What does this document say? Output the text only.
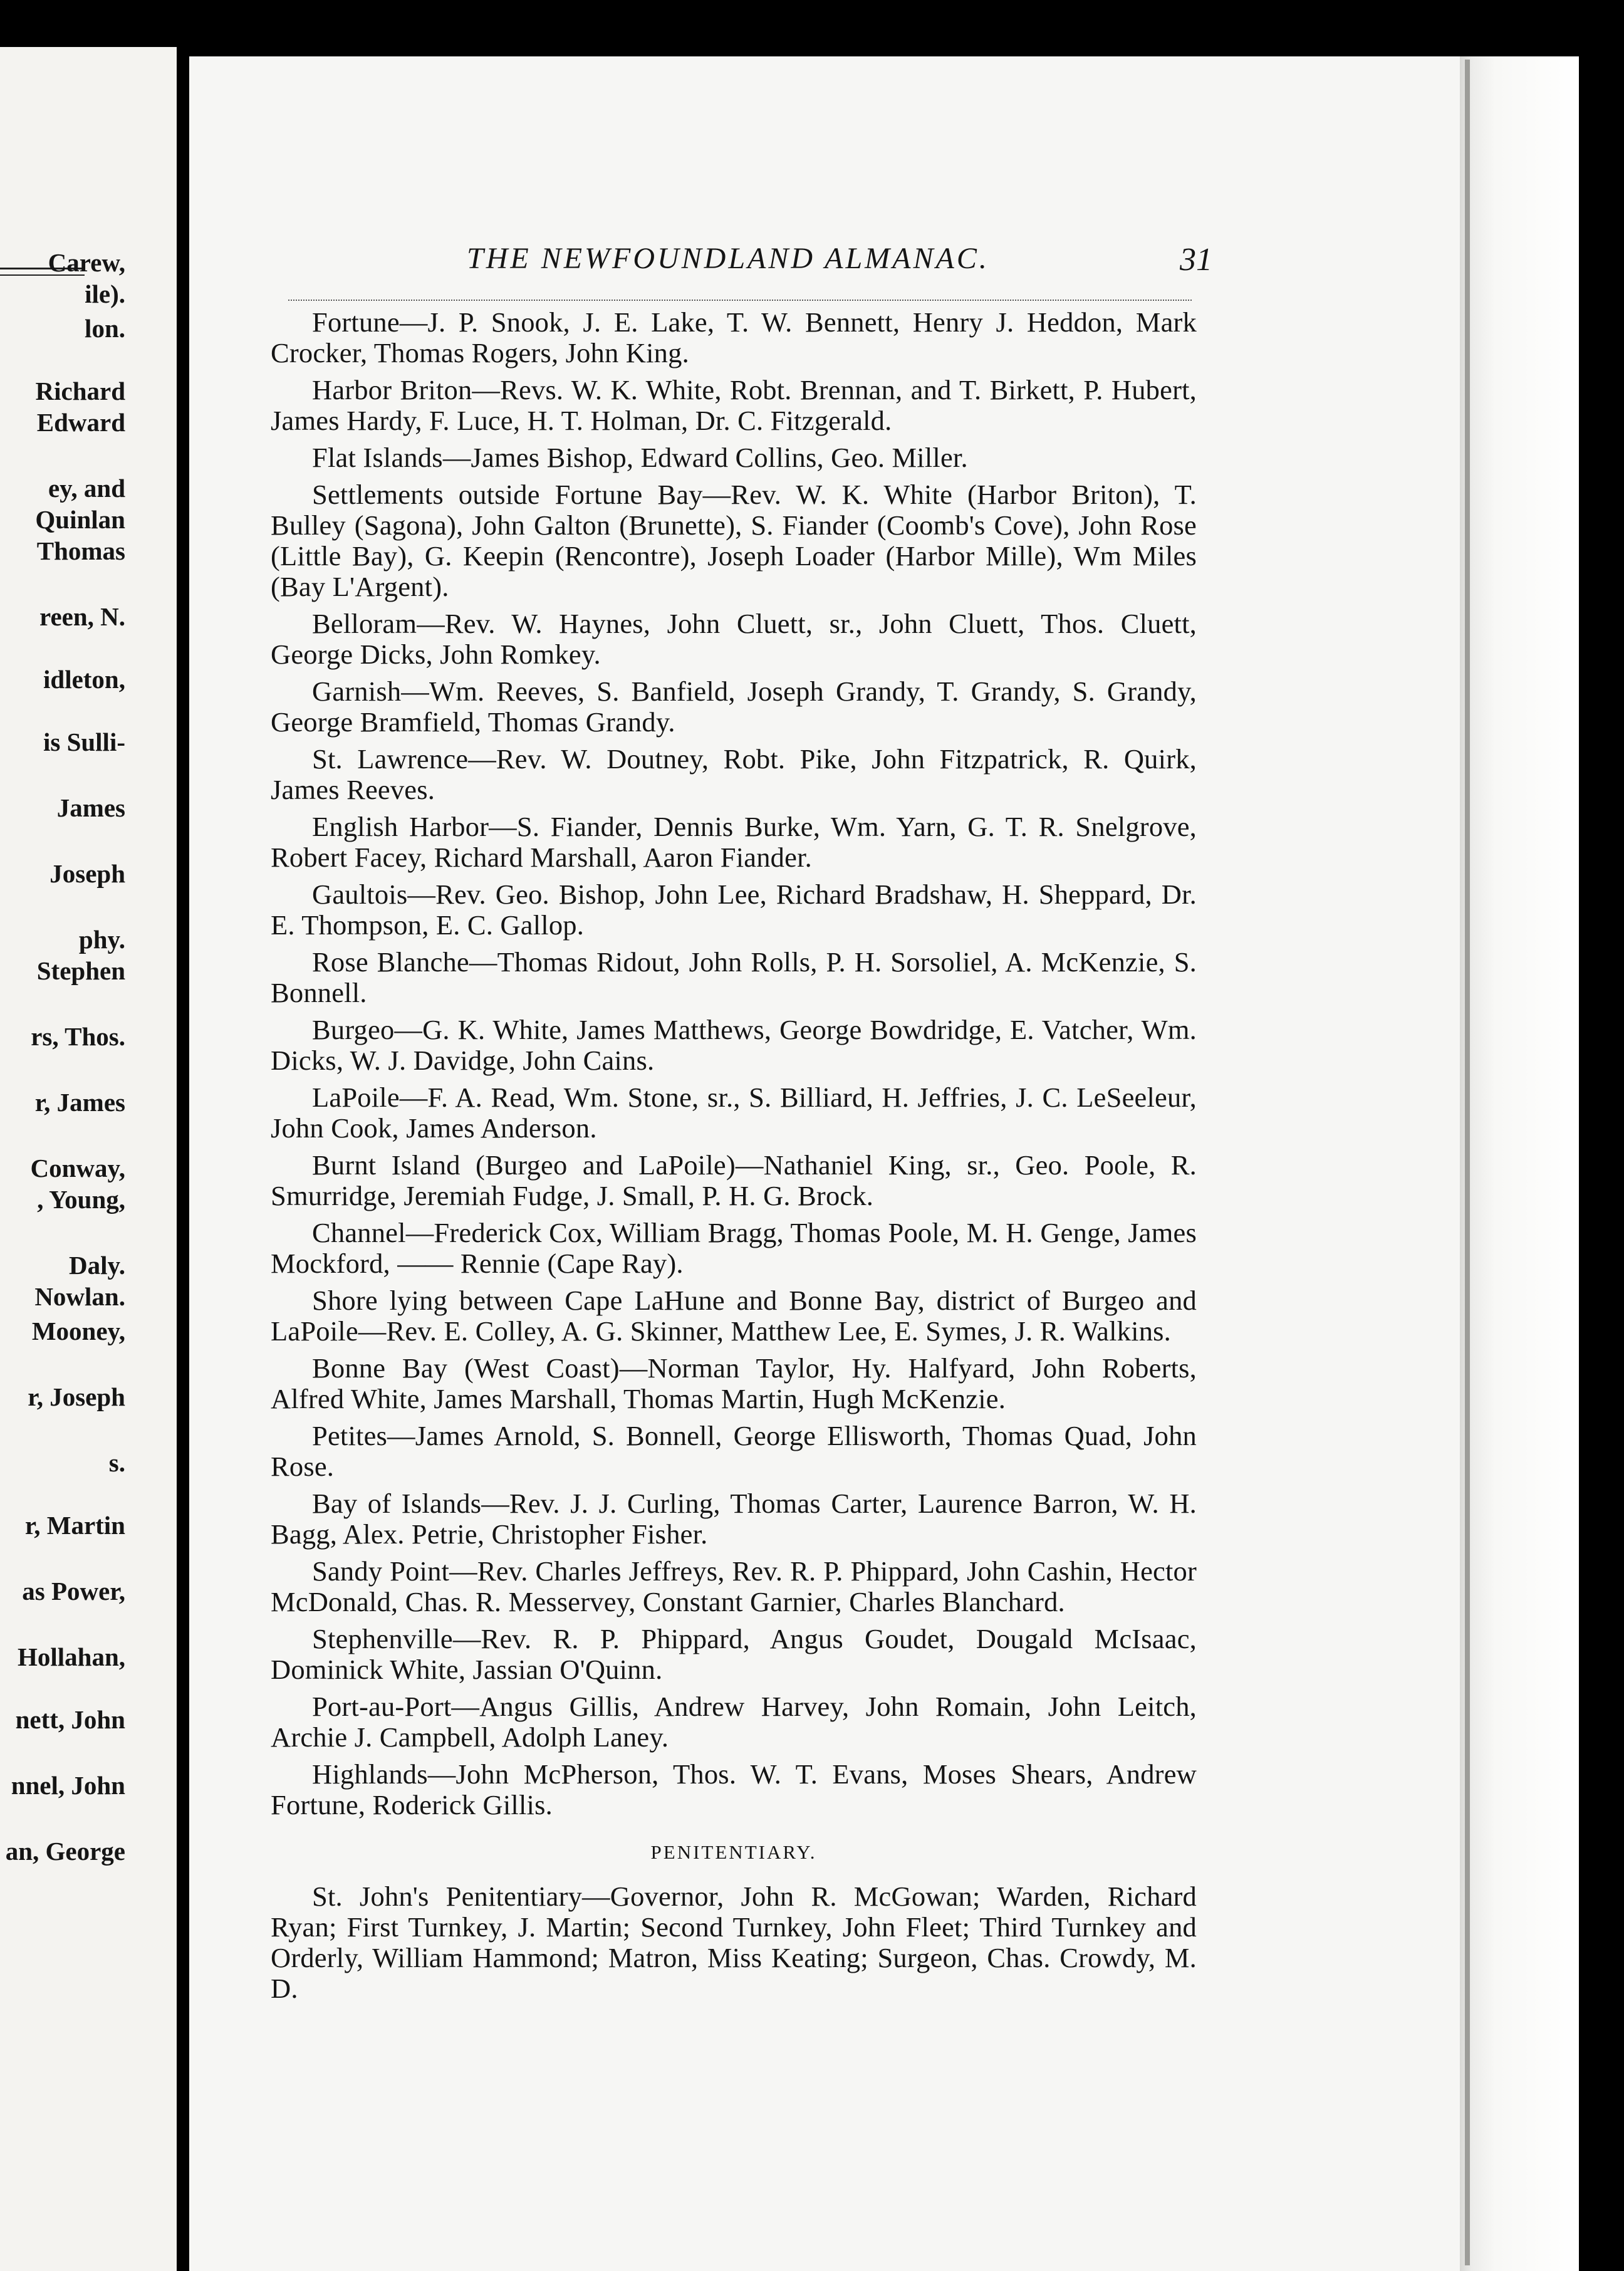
Carew,
ile).
lon.
Richard
Edward
ey, and
Quinlan
Thomas
reen, N.
idleton,
is Sulli-
James
Joseph
phy.
Stephen
rs, Thos.
r, James
Conway,
, Young,
Daly.
Nowlan.
Mooney,
r, Joseph
s.
r, Martin
as Power,
Hollahan,
nett, John
nnel, John
an, George
THE NEWFOUNDLAND ALMANAC.	31

Fortune—J. P. Snook, J. E. Lake, T. W. Bennett, Henry J. Heddon, Mark Crocker, Thomas Rogers, John King.

Harbor Briton—Revs. W. K. White, Robt. Brennan, and T. Birkett, P. Hubert, James Hardy, F. Luce, H. T. Holman, Dr. C. Fitzgerald.

Flat Islands—James Bishop, Edward Collins, Geo. Miller.

Settlements outside Fortune Bay—Rev. W. K. White (Harbor Briton), T. Bulley (Sagona), John Galton (Brunette), S. Fiander (Coomb's Cove), John Rose (Little Bay), G. Keepin (Rencontre), Joseph Loader (Harbor Mille), Wm Miles (Bay L'Argent).

Belloram—Rev. W. Haynes, John Cluett, sr., John Cluett, Thos. Cluett, George Dicks, John Romkey.

Garnish—Wm. Reeves, S. Banfield, Joseph Grandy, T. Grandy, S. Grandy, George Bramfield, Thomas Grandy.

St. Lawrence—Rev. W. Doutney, Robt. Pike, John Fitzpatrick, R. Quirk, James Reeves.

English Harbor—S. Fiander, Dennis Burke, Wm. Yarn, G. T. R. Snelgrove, Robert Facey, Richard Marshall, Aaron Fiander.

Gaultois—Rev. Geo. Bishop, John Lee, Richard Bradshaw, H. Sheppard, Dr. E. Thompson, E. C. Gallop.

Rose Blanche—Thomas Ridout, John Rolls, P. H. Sorsoliel, A. McKenzie, S. Bonnell.

Burgeo—G. K. White, James Matthews, George Bowdridge, E. Vatcher, Wm. Dicks, W. J. Davidge, John Cains.

LaPoile—F. A. Read, Wm. Stone, sr., S. Billiard, H. Jeffries, J. C. LeSeeleur, John Cook, James Anderson.

Burnt Island (Burgeo and LaPoile)—Nathaniel King, sr., Geo. Poole, R. Smurridge, Jeremiah Fudge, J. Small, P. H. G. Brock.

Channel—Frederick Cox, William Bragg, Thomas Poole, M. H. Genge, James Mockford, —— Rennie (Cape Ray).

Shore lying between Cape LaHune and Bonne Bay, district of Burgeo and LaPoile—Rev. E. Colley, A. G. Skinner, Matthew Lee, E. Symes, J. R. Walkins.

Bonne Bay (West Coast)—Norman Taylor, Hy. Halfyard, John Roberts, Alfred White, James Marshall, Thomas Martin, Hugh McKenzie.

Petites—James Arnold, S. Bonnell, George Ellisworth, Thomas Quad, John Rose.

Bay of Islands—Rev. J. J. Curling, Thomas Carter, Laurence Barron, W. H. Bagg, Alex. Petrie, Christopher Fisher.

Sandy Point—Rev. Charles Jeffreys, Rev. R. P. Phippard, John Cashin, Hector McDonald, Chas. R. Messervey, Constant Garnier, Charles Blanchard.

Stephenville—Rev. R. P. Phippard, Angus Goudet, Dougald McIsaac, Dominick White, Jassian O'Quinn.

Port-au-Port—Angus Gillis, Andrew Harvey, John Romain, John Leitch, Archie J. Campbell, Adolph Laney.

Highlands—John McPherson, Thos. W. T. Evans, Moses Shears, Andrew Fortune, Roderick Gillis.

PENITENTIARY.

St. John's Penitentiary—Governor, John R. McGowan; Warden, Richard Ryan; First Turnkey, J. Martin; Second Turnkey, John Fleet; Third Turnkey and Orderly, William Hammond; Matron, Miss Keating; Surgeon, Chas. Crowdy, M. D.
